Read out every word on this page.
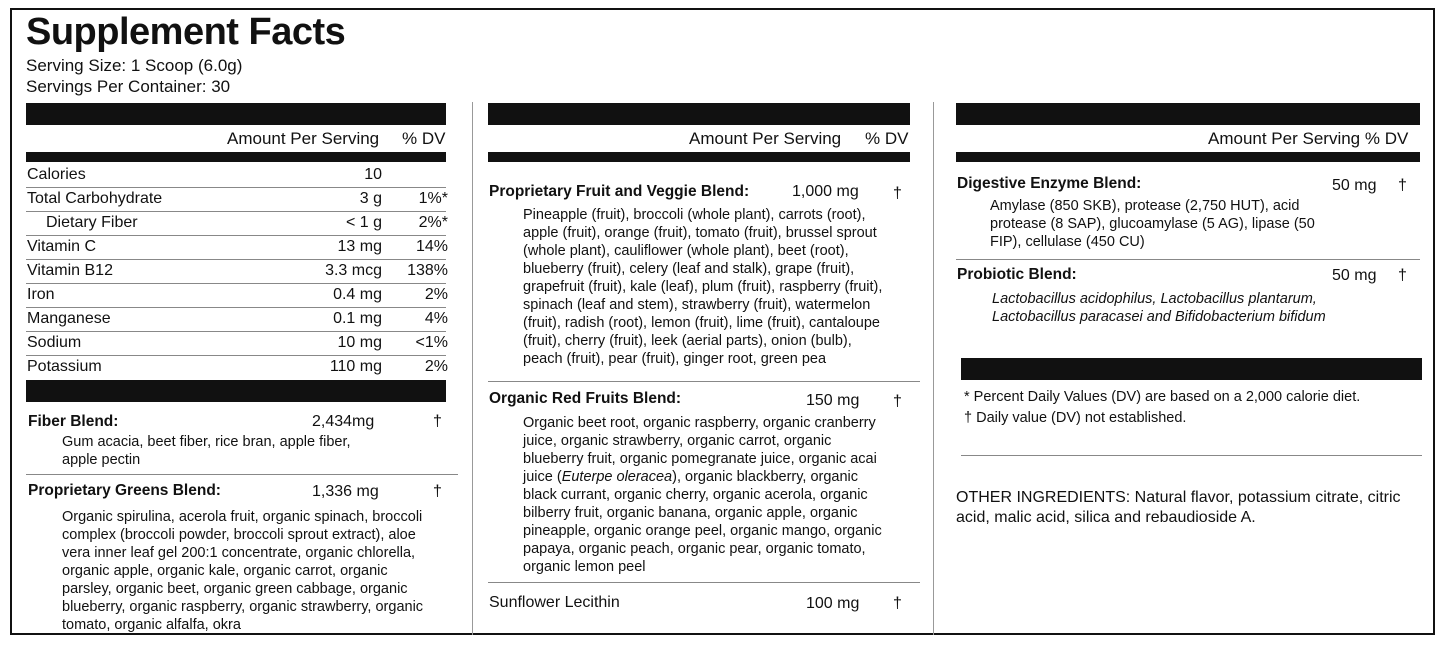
Supplement Facts
Serving Size: 1 Scoop (6.0g)
Servings Per Container: 30
Amount Per Serving % DV
Calories	10
Total Carbohydrate	3 g 1%*
Dietary Fiber	< 1 g 2%*
Vitamin C	13 mg 14%
Vitamin B12	3.3 mcg 138%
Iron	0.4 mg	2%
Manganese	0.1 mg	4%
Sodium	10 mg <1%
Potassium	110 mg	2%
Fiber Blend:	2,434mg	†
Gum acacia, beet fiber, rice bran, apple fiber, apple pectin
Proprietary Greens Blend:	1,336 mg	†
Organic spirulina, acerola fruit, organic spinach, broccoli complex (broccoli powder, broccoli sprout extract), aloe vera inner leaf gel 200:1 concentrate, organic chlorella, organic apple, organic kale, organic carrot, organic parsley, organic beet, organic green cabbage, organic blueberry, organic raspberry, organic strawberry, organic tomato, organic alfalfa, okra
Amount Per Serving % DV
Proprietary Fruit and Veggie Blend:	1,000 mg †
Pineapple (fruit), broccoli (whole plant), carrots (root), apple (fruit), orange (fruit), tomato (fruit), brussel sprout (whole plant), cauliflower (whole plant), beet (root), blueberry (fruit), celery (leaf and stalk), grape (fruit), grapefruit (fruit), kale (leaf), plum (fruit), raspberry (fruit), spinach (leaf and stem), strawberry (fruit), watermelon (fruit), radish (root), lemon (fruit), lime (fruit), cantaloupe (fruit), cherry (fruit), leek (aerial parts), onion (bulb), peach (fruit), pear (fruit), ginger root, green pea
Organic Red Fruits Blend:	150 mg †
Organic beet root, organic raspberry, organic cranberry juice, organic strawberry, organic carrot, organic blueberry fruit, organic pomegranate juice, organic acai juice (Euterpe oleracea), organic blackberry, organic black currant, organic cherry, organic acerola, organic bilberry fruit, organic banana, organic apple, organic pineapple, organic orange peel, organic mango, organic papaya, organic peach, organic pear, organic tomato, organic lemon peel
Sunflower Lecithin	100 mg †
Amount Per Serving % DV
Digestive Enzyme Blend:	50 mg †
Amylase (850 SKB), protease (2,750 HUT), acid protease (8 SAP), glucoamylase (5 AG), lipase (50 FIP), cellulase (450 CU)
Probiotic Blend:	50 mg †
Lactobacillus acidophilus, Lactobacillus plantarum, Lactobacillus paracasei and Bifidobacterium bifidum
* Percent Daily Values (DV) are based on a 2,000 calorie diet.
† Daily value (DV) not established.
OTHER INGREDIENTS: Natural flavor, potassium citrate, citric acid, malic acid, silica and rebaudioside A.
